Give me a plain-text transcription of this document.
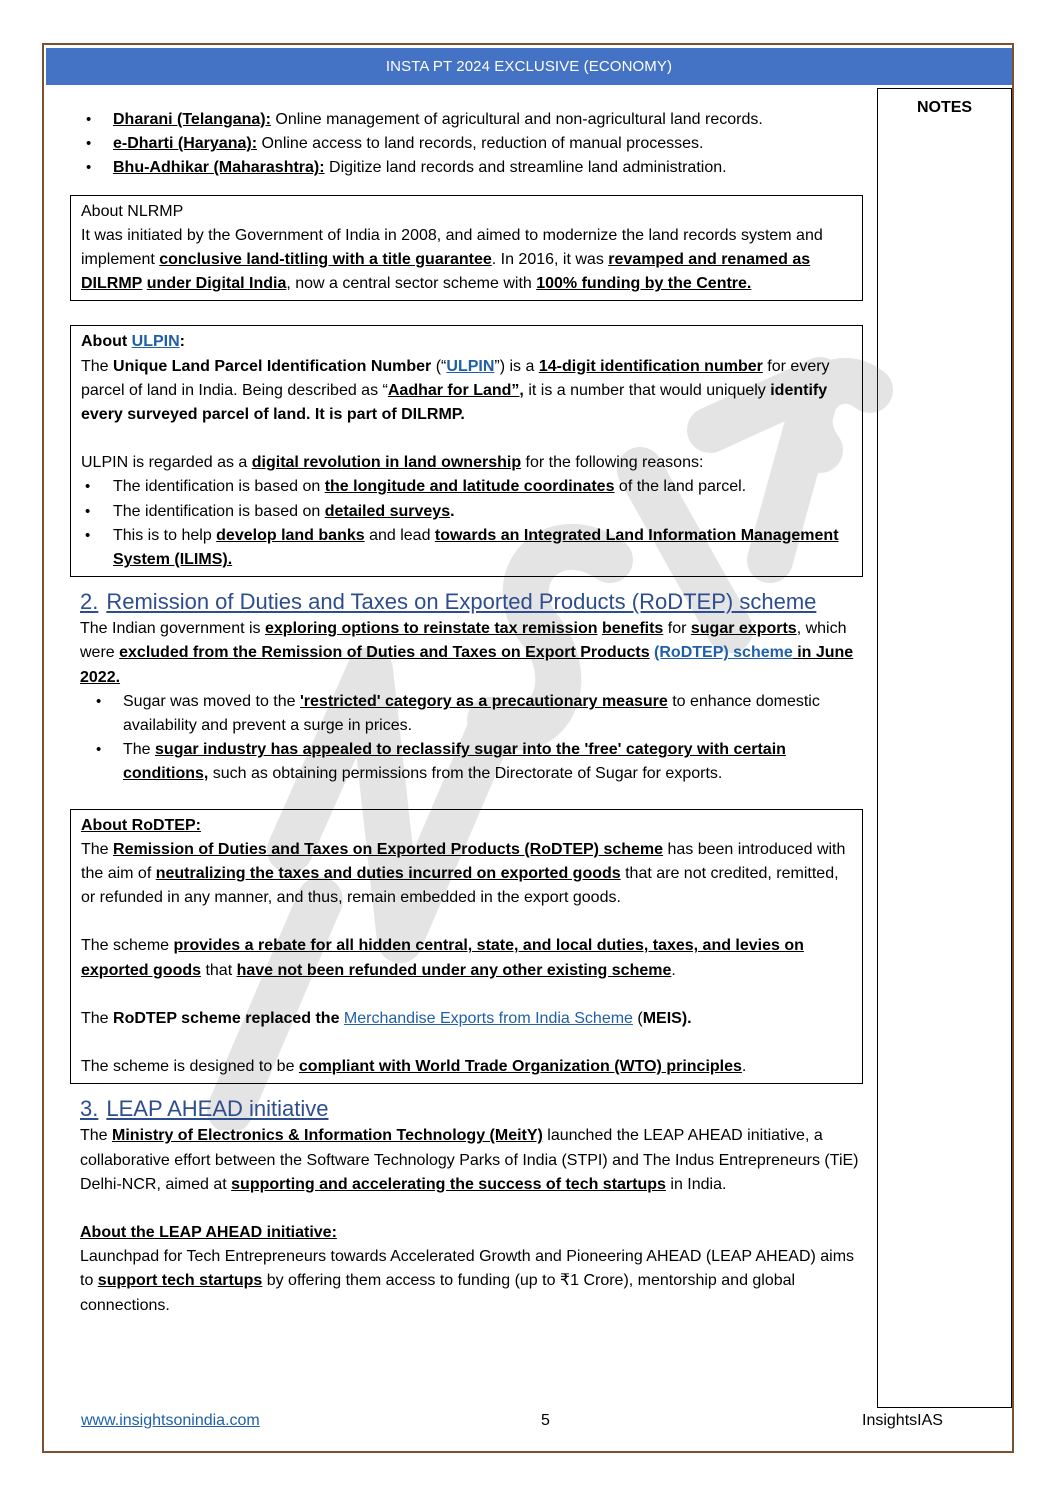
INSTA PT 2024 EXCLUSIVE (ECONOMY)
NOTES
• Dharani (Telangana): Online management of agricultural and non-agricultural land records.
• e-Dharti (Haryana): Online access to land records, reduction of manual processes.
• Bhu-Adhikar (Maharashtra): Digitize land records and streamline land administration.

About NLRMP

It was initiated by the Government of India in 2008, and aimed to modernize the land records system and implement conclusive land-titling with a title guarantee. In 2016, it was revamped and renamed as DILRMP under Digital India, now a central sector scheme with 100% funding by the Centre.

About ULPIN:

The Unique Land Parcel Identification Number (“ULPIN”) is a 14-digit identification number for every parcel of land in India. Being described as “Aadhar for Land”, it is a number that would uniquely identify every surveyed parcel of land. It is part of DILRMP.

ULPIN is regarded as a digital revolution in land ownership for the following reasons:

• The identification is based on the longitude and latitude coordinates of the land parcel.
• The identification is based on detailed surveys.
• This is to help develop land banks and lead towards an Integrated Land Information Management System (ILIMS).
2. Remission of Duties and Taxes on Exported Products (RoDTEP) scheme

The Indian government is exploring options to reinstate tax remission benefits for sugar exports, which were excluded from the Remission of Duties and Taxes on Export Products (RoDTEP) scheme in June 2022.

• Sugar was moved to the 'restricted' category as a precautionary measure to enhance domestic availability and prevent a surge in prices.
• The sugar industry has appealed to reclassify sugar into the 'free' category with certain conditions, such as obtaining permissions from the Directorate of Sugar for exports.

About RoDTEP:

The Remission of Duties and Taxes on Exported Products (RoDTEP) scheme has been introduced with the aim of neutralizing the taxes and duties incurred on exported goods that are not credited, remitted, or refunded in any manner, and thus, remain embedded in the export goods.

The scheme provides a rebate for all hidden central, state, and local duties, taxes, and levies on exported goods that have not been refunded under any other existing scheme.

The RoDTEP scheme replaced the Merchandise Exports from India Scheme (MEIS).

The scheme is designed to be compliant with World Trade Organization (WTO) principles.

3. LEAP AHEAD initiative

The Ministry of Electronics & Information Technology (MeitY) launched the LEAP AHEAD initiative, a collaborative effort between the Software Technology Parks of India (STPI) and The Indus Entrepreneurs (TiE) Delhi-NCR, aimed at supporting and accelerating the success of tech startups in India.

About the LEAP AHEAD initiative:

Launchpad for Tech Entrepreneurs towards Accelerated Growth and Pioneering AHEAD (LEAP AHEAD) aims to support tech startups by offering them access to funding (up to ₹1 Crore), mentorship and global connections.

www.insightsonindia.com	5	InsightsIAS
